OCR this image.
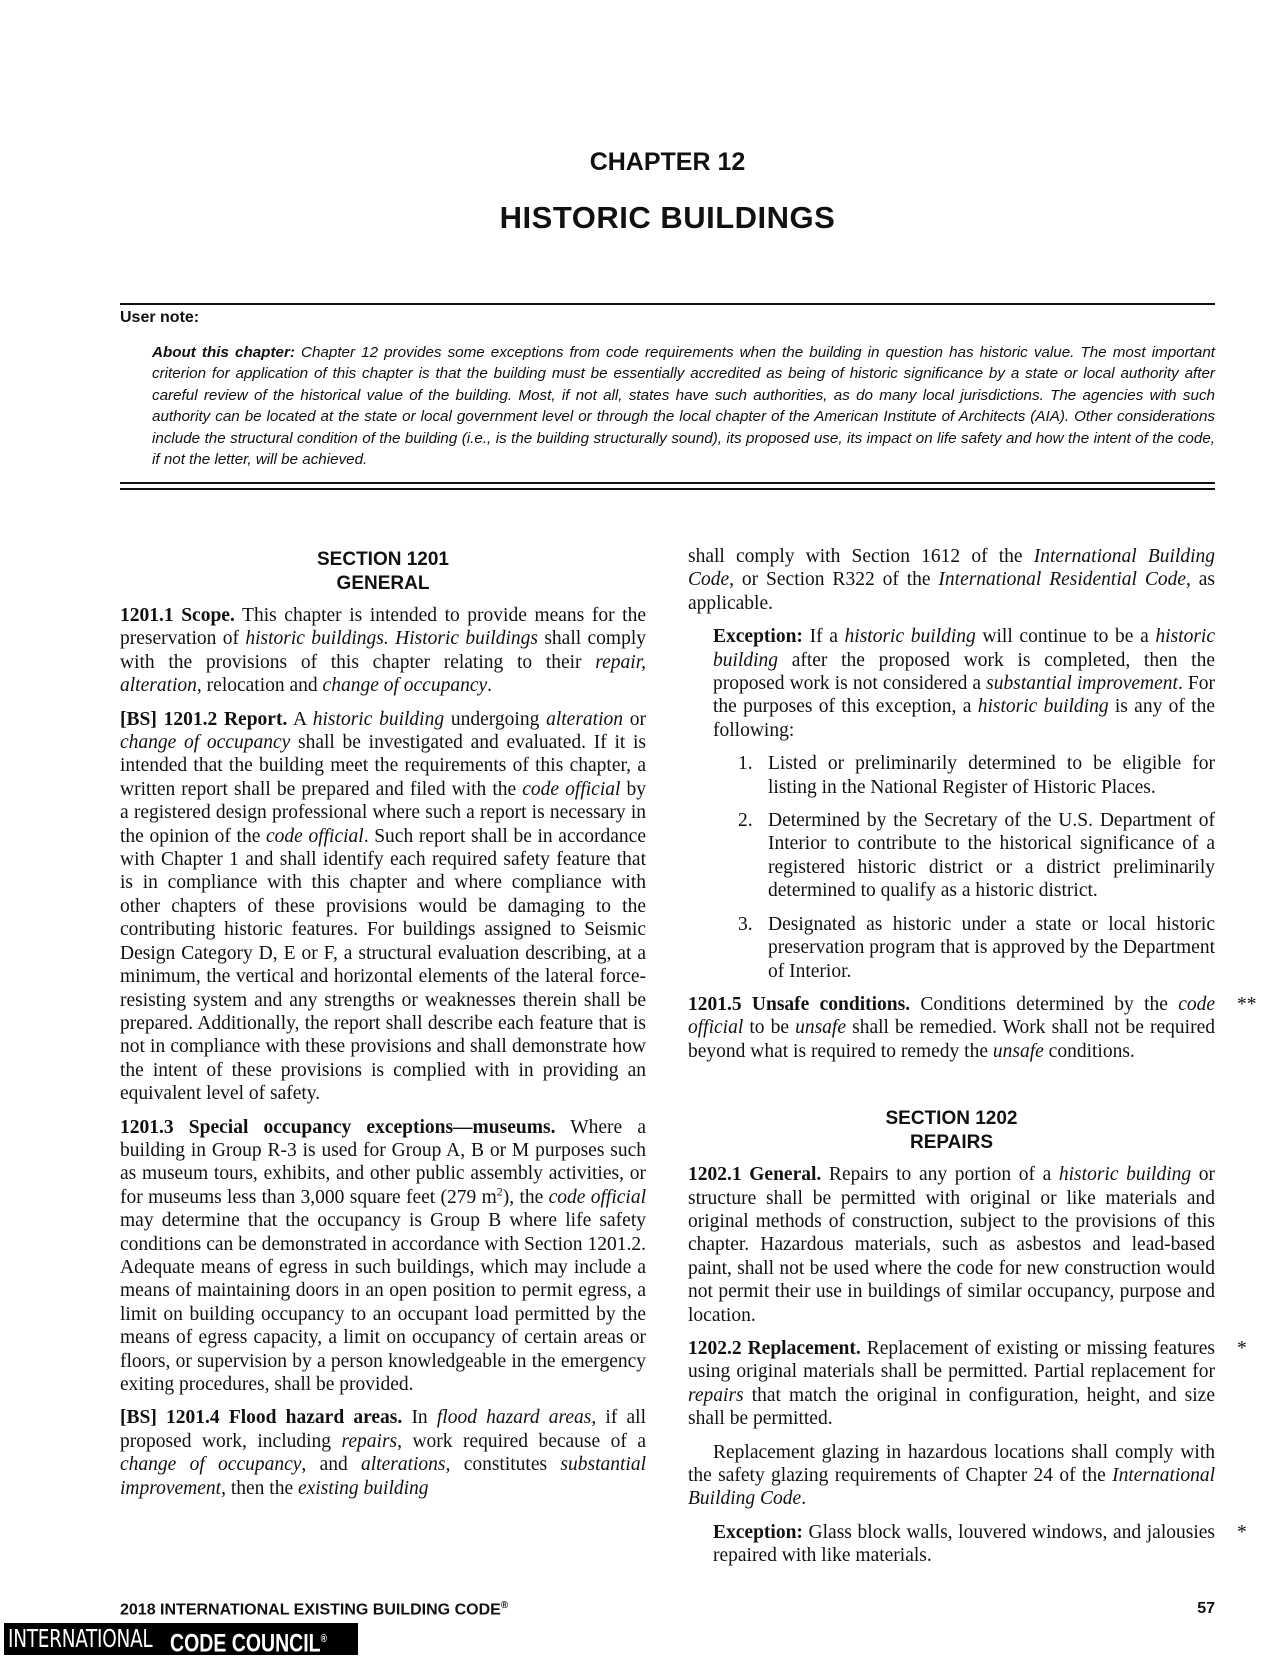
CHAPTER 12
HISTORIC BUILDINGS
User note:
About this chapter: Chapter 12 provides some exceptions from code requirements when the building in question has historic value. The most important criterion for application of this chapter is that the building must be essentially accredited as being of historic significance by a state or local authority after careful review of the historical value of the building. Most, if not all, states have such authorities, as do many local jurisdictions. The agencies with such authority can be located at the state or local government level or through the local chapter of the American Institute of Architects (AIA). Other considerations include the structural condition of the building (i.e., is the building structurally sound), its proposed use, its impact on life safety and how the intent of the code, if not the letter, will be achieved.
SECTION 1201
GENERAL

1201.1 Scope. This chapter is intended to provide means for the preservation of historic buildings. Historic buildings shall comply with the provisions of this chapter relating to their repair, alteration, relocation and change of occupancy.

[BS] 1201.2 Report. A historic building undergoing alteration or change of occupancy shall be investigated and evaluated. If it is intended that the building meet the requirements of this chapter, a written report shall be prepared and filed with the code official by a registered design professional where such a report is necessary in the opinion of the code official. Such report shall be in accordance with Chapter 1 and shall identify each required safety feature that is in compliance with this chapter and where compliance with other chapters of these provisions would be damaging to the contributing historic features. For buildings assigned to Seismic Design Category D, E or F, a structural evaluation describing, at a minimum, the vertical and horizontal elements of the lateral force-resisting system and any strengths or weaknesses therein shall be prepared. Additionally, the report shall describe each feature that is not in compliance with these provisions and shall demonstrate how the intent of these provisions is complied with in providing an equivalent level of safety.

1201.3 Special occupancy exceptions—museums. Where a building in Group R-3 is used for Group A, B or M purposes such as museum tours, exhibits, and other public assembly activities, or for museums less than 3,000 square feet (279 $m^2$), the code official may determine that the occupancy is Group B where life safety conditions can be demonstrated in accordance with Section 1201.2. Adequate means of egress in such buildings, which may include a means of maintaining doors in an open position to permit egress, a limit on building occupancy to an occupant load permitted by the means of egress capacity, a limit on occupancy of certain areas or floors, or supervision by a person knowledgeable in the emergency exiting procedures, shall be provided.

[BS] 1201.4 Flood hazard areas. In flood hazard areas, if all proposed work, including repairs, work required because of a change of occupancy, and alterations, constitutes substantial improvement, then the existing building

shall comply with Section 1612 of the International Building Code, or Section R322 of the International Residential Code, as applicable.

Exception: If a historic building will continue to be a historic building after the proposed work is completed, then the proposed work is not considered a substantial improvement. For the purposes of this exception, a historic building is any of the following:

1. Listed or preliminarily determined to be eligible for listing in the National Register of Historic Places.
2. Determined by the Secretary of the U.S. Department of Interior to contribute to the historical significance of a registered historic district or a district preliminarily determined to qualify as a historic district.
3. Designated as historic under a state or local historic preservation program that is approved by the Department of Interior.

**
1201.5 Unsafe conditions. Conditions determined by the code official to be unsafe shall be remedied. Work shall not be required beyond what is required to remedy the unsafe conditions.

SECTION 1202
REPAIRS

1202.1 General. Repairs to any portion of a historic building or structure shall be permitted with original or like materials and original methods of construction, subject to the provisions of this chapter. Hazardous materials, such as asbestos and lead-based paint, shall not be used where the code for new construction would not permit their use in buildings of similar occupancy, purpose and location.

*
1202.2 Replacement. Replacement of existing or missing features using original materials shall be permitted. Partial replacement for repairs that match the original in configuration, height, and size shall be permitted.

Replacement glazing in hazardous locations shall comply with the safety glazing requirements of Chapter 24 of the International Building Code.

*
Exception: Glass block walls, louvered windows, and jalousies repaired with like materials.

2018 INTERNATIONAL EXISTING BUILDING CODE®	57
INTERNATIONAL CODE COUNCIL®
